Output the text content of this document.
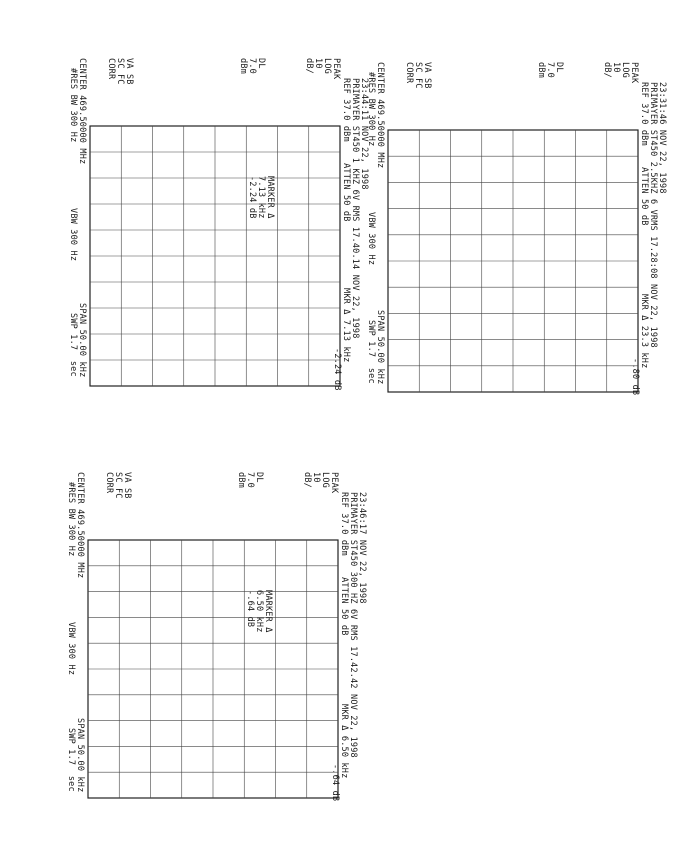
23:44:11 NOV 22, 1998
PRIMAYER ST450 1 KHZ 6V RMS 17.40.14 NOV 22, 1998
REF 37.0 dBm    ATTEN 50 dB
MKR Δ 7.13 kHz
-2.24 dB
PEAK
LOG
10
dB/
DL
7.0
dBm
MARKER Δ
7.13 kHz
-2.24 dB
VA SB
SC FC
CORR
CENTER 469.50000 MHz
#RES BW 300 Hz
VBW 300 Hz
SPAN 50.00 kHz
SWP 1.7  sec
23:31:46 NOV 22, 1998
PRIMAYER ST450 2.5KHZ 6 VRMS 17.28:08 NOV 22, 1998
REF 37.0 dBm    ATTEN 50 dB
MKR Δ 23.3 kHz
-.80 dB
PEAK
LOG
10
dB/
DL
7.0
dBm
VA SB
SC FC
CORR
CENTER 469.50000 MHz
#RES BW 300 Hz
VBW 300 Hz
SPAN 50.00 kHz
SWP 1.7  sec
23:46:17 NOV 22, 1998
PRIMAYER ST450 300 HZ 6V RMS 17.42.42 NOV 22, 1998
REF 37.0 dBm    ATTEN 50 dB
MKR Δ 6.50 kHz
-.64 dB
PEAK
LOG
10
dB/
DL
7.0
dBm
MARKER Δ
6.50 kHz
-.64 dB
VA SB
SC FC
CORR
CENTER 469.50000 MHz
#RES BW 300 Hz
VBW 300 Hz
SPAN 50.00 kHz
SWP 1.7  sec
